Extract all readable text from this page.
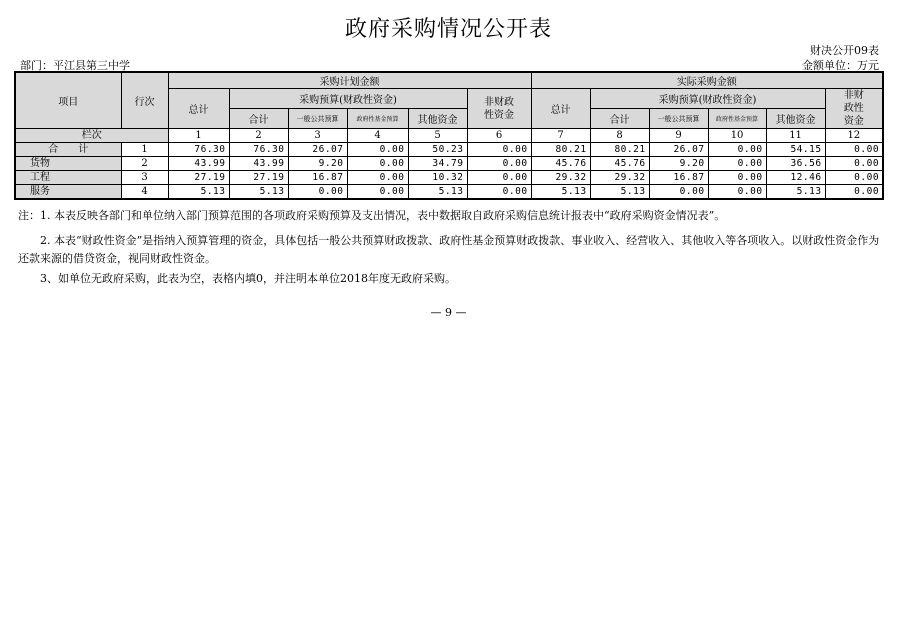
政府采购情况公开表
财决公开09表
部门：平江县第三中学	金额单位：万元
项目	行次	采购计划金额						实际采购金额					
		总计	采购预算(财政性资金)				非财政性资金	总计	采购预算(财政性资金)				非财政性资金
			合计	一般公共预算	政府性基金预算	其他资金			合计	一般公共预算	政府性基金预算	其他资金	
栏次		1	2	3	4	5	6	7	8	9	10	11	12
合　　计	1	76.30	76.30	26.07	0.00	50.23	0.00	80.21	80.21	26.07	0.00	54.15	0.00
货物	2	43.99	43.99	9.20	0.00	34.79	0.00	45.76	45.76	9.20	0.00	36.56	0.00
工程	3	27.19	27.19	16.87	0.00	10.32	0.00	29.32	29.32	16.87	0.00	12.46	0.00
服务	4	5.13	5.13	0.00	0.00	5.13	0.00	5.13	5.13	0.00	0.00	5.13	0.00
注：1. 本表反映各部门和单位纳入部门预算范围的各项政府采购预算及支出情况，表中数据取自政府采购信息统计报表中“政府采购资金情况表”。
2. 本表“财政性资金”是指纳入预算管理的资金，具体包括一般公共预算财政拨款、政府性基金预算财政拨款、事业收入、经营收入、其他收入等各项收入。以财政性资金作为还款来源的借贷资金，视同财政性资金。
3、如单位无政府采购，此表为空，表格内填0，并注明本单位2018年度无政府采购。
— 9 —
